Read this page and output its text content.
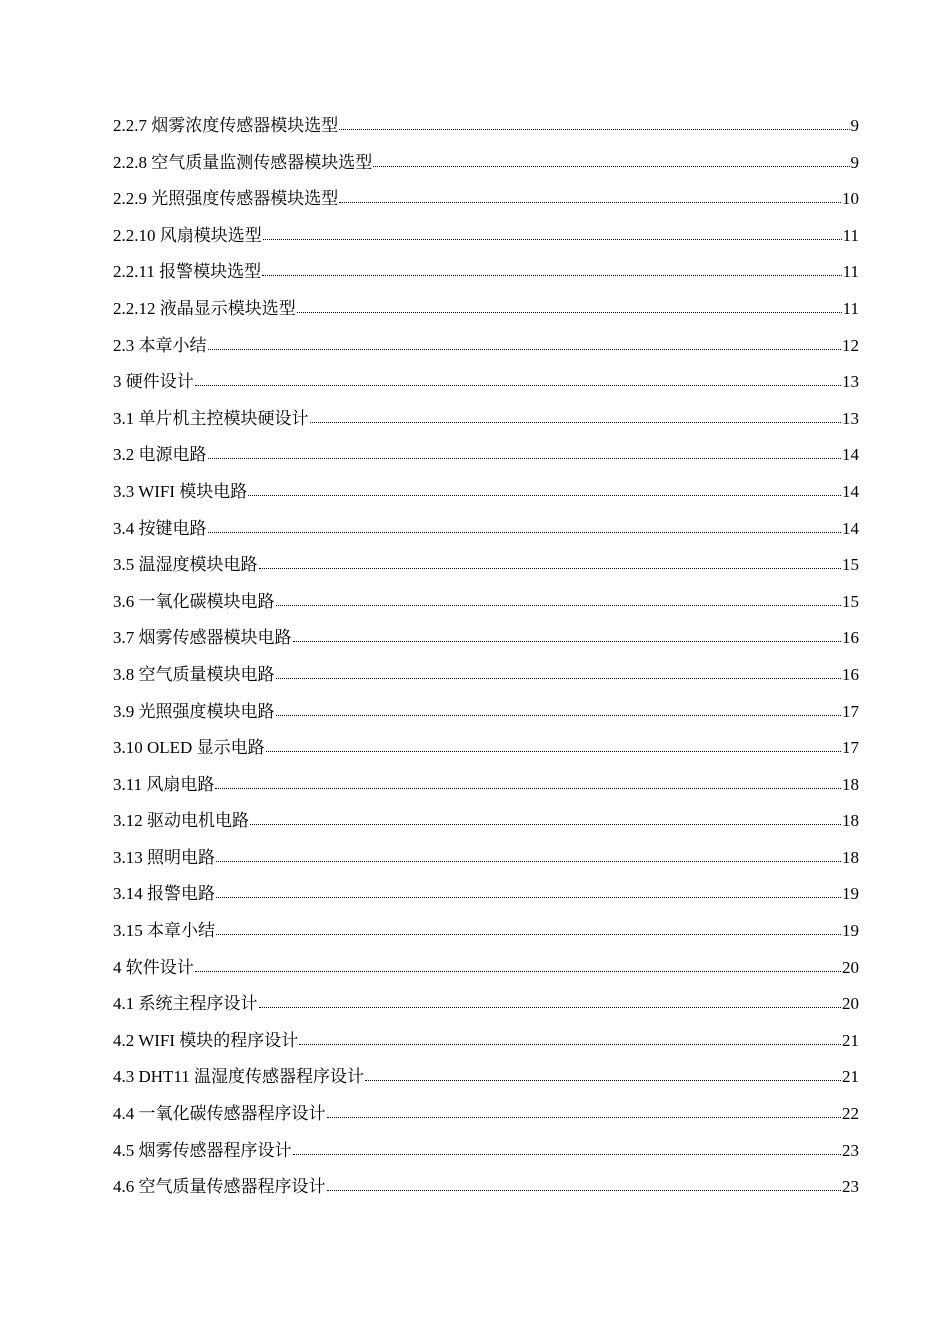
2.2.7 烟雾浓度传感器模块选型	9
2.2.8 空气质量监测传感器模块选型	9
2.2.9 光照强度传感器模块选型	10
2.2.10 风扇模块选型	11
2.2.11 报警模块选型	11
2.2.12 液晶显示模块选型	11
2.3 本章小结	12
3 硬件设计	13
3.1 单片机主控模块硬设计	13
3.2 电源电路	14
3.3 WIFI 模块电路	14
3.4 按键电路	14
3.5 温湿度模块电路	15
3.6 一氧化碳模块电路	15
3.7 烟雾传感器模块电路	16
3.8 空气质量模块电路	16
3.9 光照强度模块电路	17
3.10 OLED 显示电路	17
3.11 风扇电路	18
3.12 驱动电机电路	18
3.13 照明电路	18
3.14 报警电路	19
3.15 本章小结	19
4 软件设计	20
4.1 系统主程序设计	20
4.2 WIFI 模块的程序设计	21
4.3 DHT11 温湿度传感器程序设计	21
4.4 一氧化碳传感器程序设计	22
4.5 烟雾传感器程序设计	23
4.6 空气质量传感器程序设计	23
